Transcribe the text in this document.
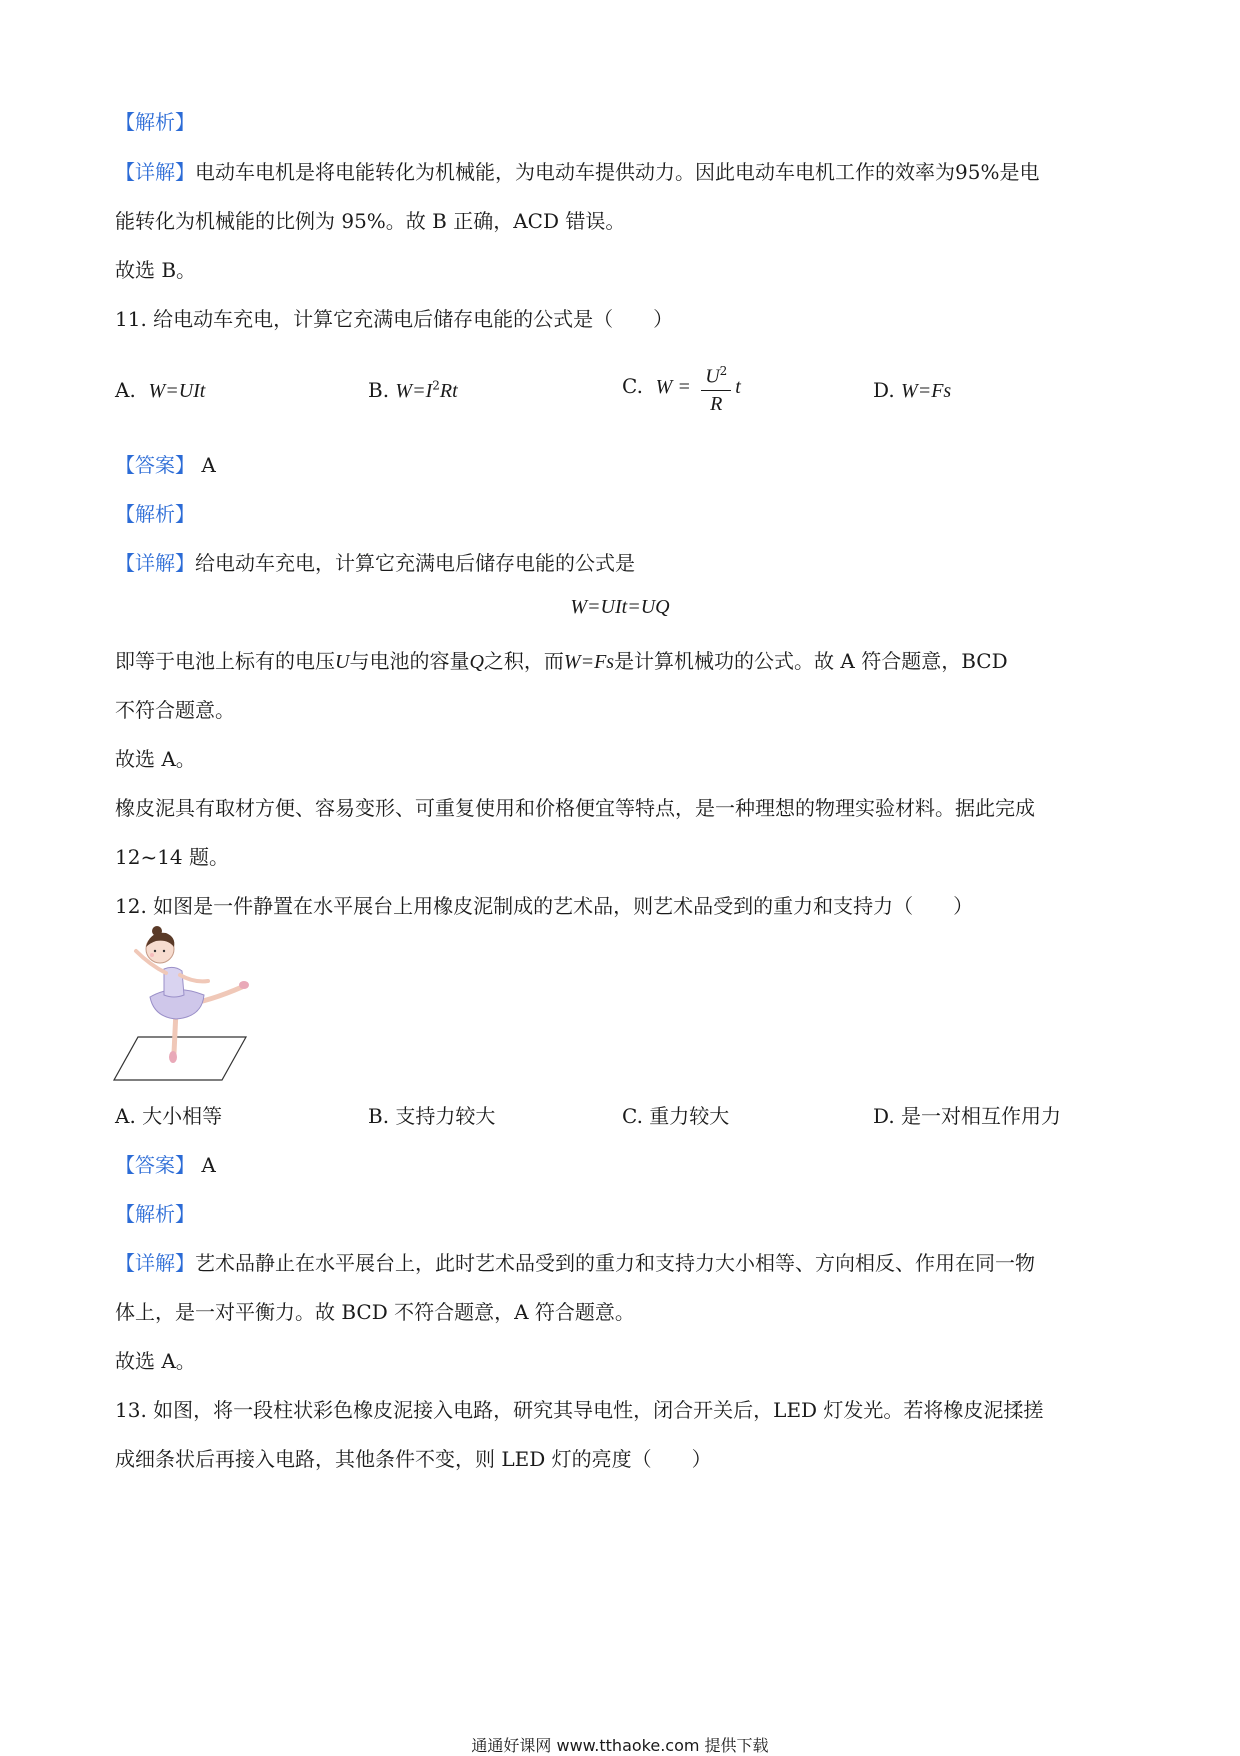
【解析】
【详解】电动车电机是将电能转化为机械能，为电动车提供动力。因此电动车电机工作的效率为95%是电
能转化为机械能的比例为 95%。故 B 正确，ACD 错误。
故选 B。
11. 给电动车充电，计算它充满电后储存电能的公式是（　　）
A. W=UIt	B. $W=I^2Rt$	C. $W = \frac{U^2}{R}$ t	D. W=Fs
【答案】 A
【解析】
【详解】给电动车充电，计算它充满电后储存电能的公式是
W=UIt=UQ
即等于电池上标有的电压U与电池的容量Q之积，而W=Fs是计算机械功的公式。故 A 符合题意，BCD
不符合题意。
故选 A。
橡皮泥具有取材方便、容易变形、可重复使用和价格便宜等特点，是一种理想的物理实验材料。据此完成
12~14 题。
12. 如图是一件静置在水平展台上用橡皮泥制成的艺术品，则艺术品受到的重力和支持力（　　）
A. 大小相等	B. 支持力较大	C. 重力较大	D. 是一对相互作用力
【答案】 A
【解析】
【详解】艺术品静止在水平展台上，此时艺术品受到的重力和支持力大小相等、方向相反、作用在同一物
体上，是一对平衡力。故 BCD 不符合题意，A 符合题意。
故选 A。
13. 如图，将一段柱状彩色橡皮泥接入电路，研究其导电性，闭合开关后，LED 灯发光。若将橡皮泥揉搓
成细条状后再接入电路，其他条件不变，则 LED 灯的亮度（　　）
通通好课网 www.tthaoke.com 提供下载
